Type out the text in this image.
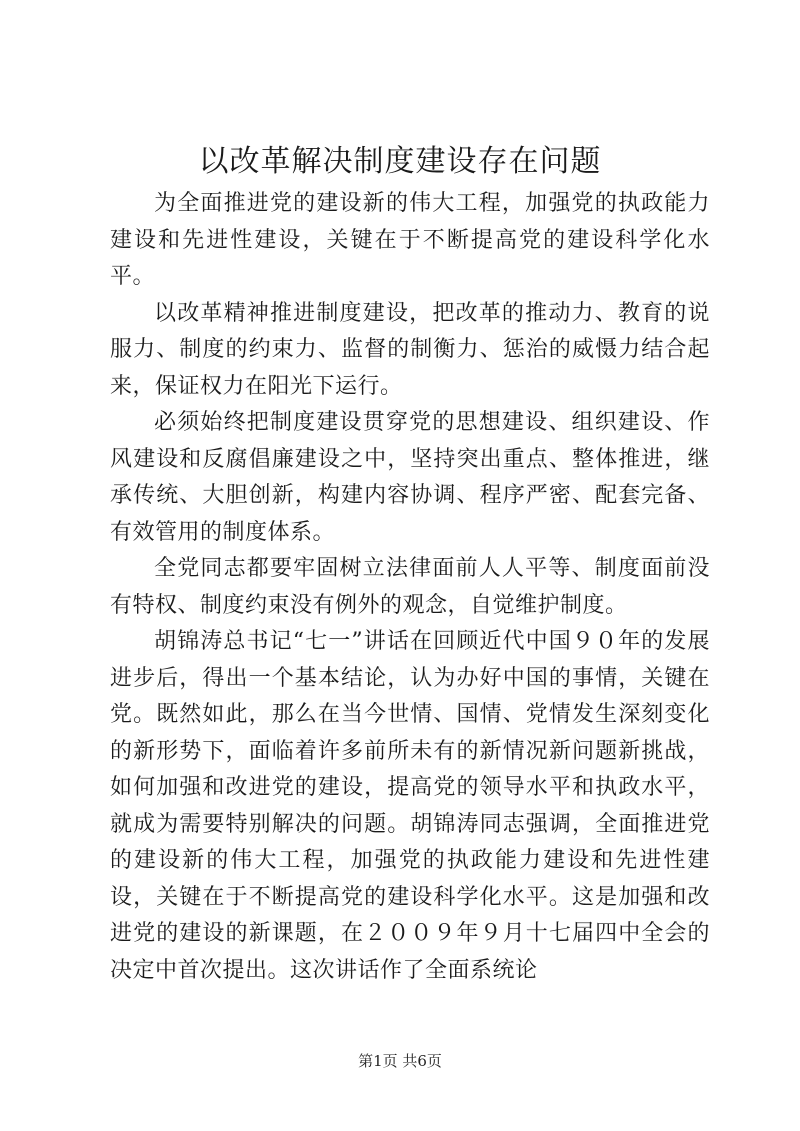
以改革解决制度建设存在问题

为全面推进党的建设新的伟大工程，加强党的执政能力建设和先进性建设，关键在于不断提高党的建设科学化水平。

以改革精神推进制度建设，把改革的推动力、教育的说服力、制度的约束力、监督的制衡力、惩治的威慑力结合起来，保证权力在阳光下运行。

必须始终把制度建设贯穿党的思想建设、组织建设、作风建设和反腐倡廉建设之中，坚持突出重点、整体推进，继承传统、大胆创新，构建内容协调、程序严密、配套完备、有效管用的制度体系。

全党同志都要牢固树立法律面前人人平等、制度面前没有特权、制度约束没有例外的观念，自觉维护制度。

胡锦涛总书记“七一”讲话在回顾近代中国９０年的发展进步后，得出一个基本结论，认为办好中国的事情，关键在党。既然如此，那么在当今世情、国情、党情发生深刻变化的新形势下，面临着许多前所未有的新情况新问题新挑战，如何加强和改进党的建设，提高党的领导水平和执政水平，就成为需要特别解决的问题。胡锦涛同志强调，全面推进党的建设新的伟大工程，加强党的执政能力建设和先进性建设，关键在于不断提高党的建设科学化水平。这是加强和改进党的建设的新课题，在２００９年９月十七届四中全会的决定中首次提出。这次讲话作了全面系统论

第1页 共6页
